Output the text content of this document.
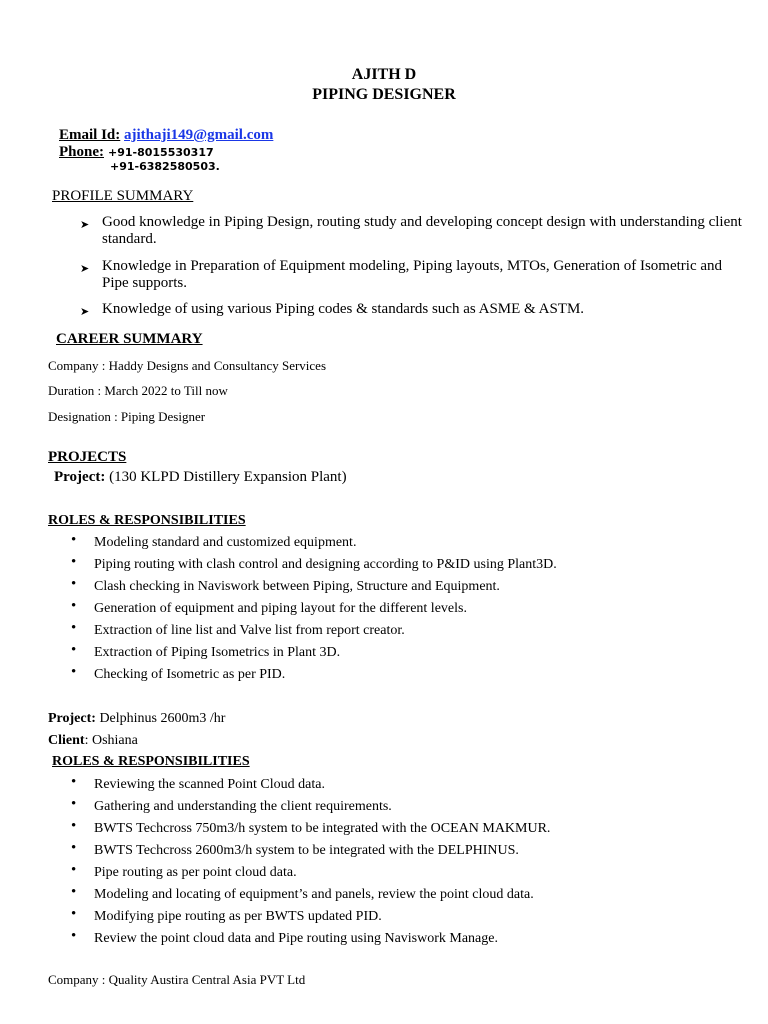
AJITH D
PIPING DESIGNER
Email Id: ajithaji149@gmail.com
Phone: +91-8015530317
+91-6382580503.
PROFILE SUMMARY
➤ Good knowledge in Piping Design, routing study and developing concept design with understanding client standard.
➤ Knowledge in Preparation of Equipment modeling, Piping layouts, MTOs, Generation of Isometric and Pipe supports.
➤ Knowledge of using various Piping codes & standards such as ASME & ASTM.
CAREER SUMMARY
Company : Haddy Designs and Consultancy Services
Duration : March 2022 to Till now
Designation : Piping Designer
PROJECTS
Project: (130 KLPD Distillery Expansion Plant)
ROLES & RESPONSIBILITIES
• Modeling standard and customized equipment.
• Piping routing with clash control and designing according to P&ID using Plant3D.
• Clash checking in Naviswork between Piping, Structure and Equipment.
• Generation of equipment and piping layout for the different levels.
• Extraction of line list and Valve list from report creator.
• Extraction of Piping Isometrics in Plant 3D.
• Checking of Isometric as per PID.
Project: Delphinus 2600m3 /hr
Client: Oshiana
ROLES & RESPONSIBILITIES
• Reviewing the scanned Point Cloud data.
• Gathering and understanding the client requirements.
• BWTS Techcross 750m3/h system to be integrated with the OCEAN MAKMUR.
• BWTS Techcross 2600m3/h system to be integrated with the DELPHINUS.
• Pipe routing as per point cloud data.
• Modeling and locating of equipment’s and panels, review the point cloud data.
• Modifying pipe routing as per BWTS updated PID.
• Review the point cloud data and Pipe routing using Naviswork Manage.
Company : Quality Austira Central Asia PVT Ltd
